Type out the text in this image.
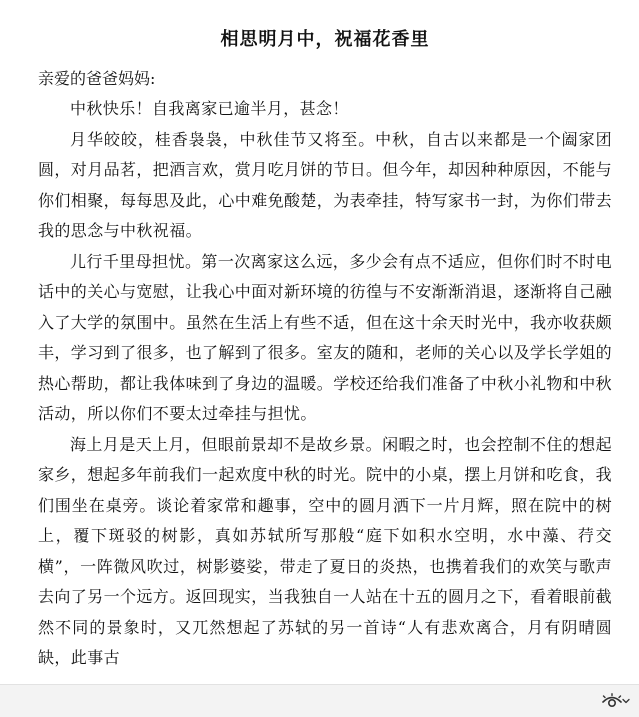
相思明月中，祝福花香里

亲爱的爸爸妈妈:

中秋快乐！自我离家已逾半月，甚念！

月华皎皎，桂香袅袅，中秋佳节又将至。中秋，自古以来都是一个阖家团圆，对月品茗，把酒言欢，赏月吃月饼的节日。但今年，却因种种原因，不能与你们相聚，每每思及此，心中难免酸楚，为表牵挂，特写家书一封，为你们带去我的思念与中秋祝福。

儿行千里母担忧。第一次离家这么远，多少会有点不适应，但你们时不时电话中的关心与宽慰，让我心中面对新环境的彷徨与不安渐渐消退，逐渐将自己融入了大学的氛围中。虽然在生活上有些不适，但在这十余天时光中，我亦收获颇丰，学习到了很多，也了解到了很多。室友的随和，老师的关心以及学长学姐的热心帮助，都让我体味到了身边的温暖。学校还给我们准备了中秋小礼物和中秋活动，所以你们不要太过牵挂与担忧。

海上月是天上月，但眼前景却不是故乡景。闲暇之时，也会控制不住的想起家乡，想起多年前我们一起欢度中秋的时光。院中的小桌，摆上月饼和吃食，我们围坐在桌旁。谈论着家常和趣事，空中的圆月洒下一片月辉，照在院中的树上，覆下斑驳的树影，真如苏轼所写那般“庭下如积水空明，水中藻、荇交横”，一阵微风吹过，树影婆娑，带走了夏日的炎热，也携着我们的欢笑与歌声去向了另一个远方。返回现实，当我独自一人站在十五的圆月之下，看着眼前截然不同的景象时，又兀然想起了苏轼的另一首诗“人有悲欢离合，月有阴晴圆缺，此事古
